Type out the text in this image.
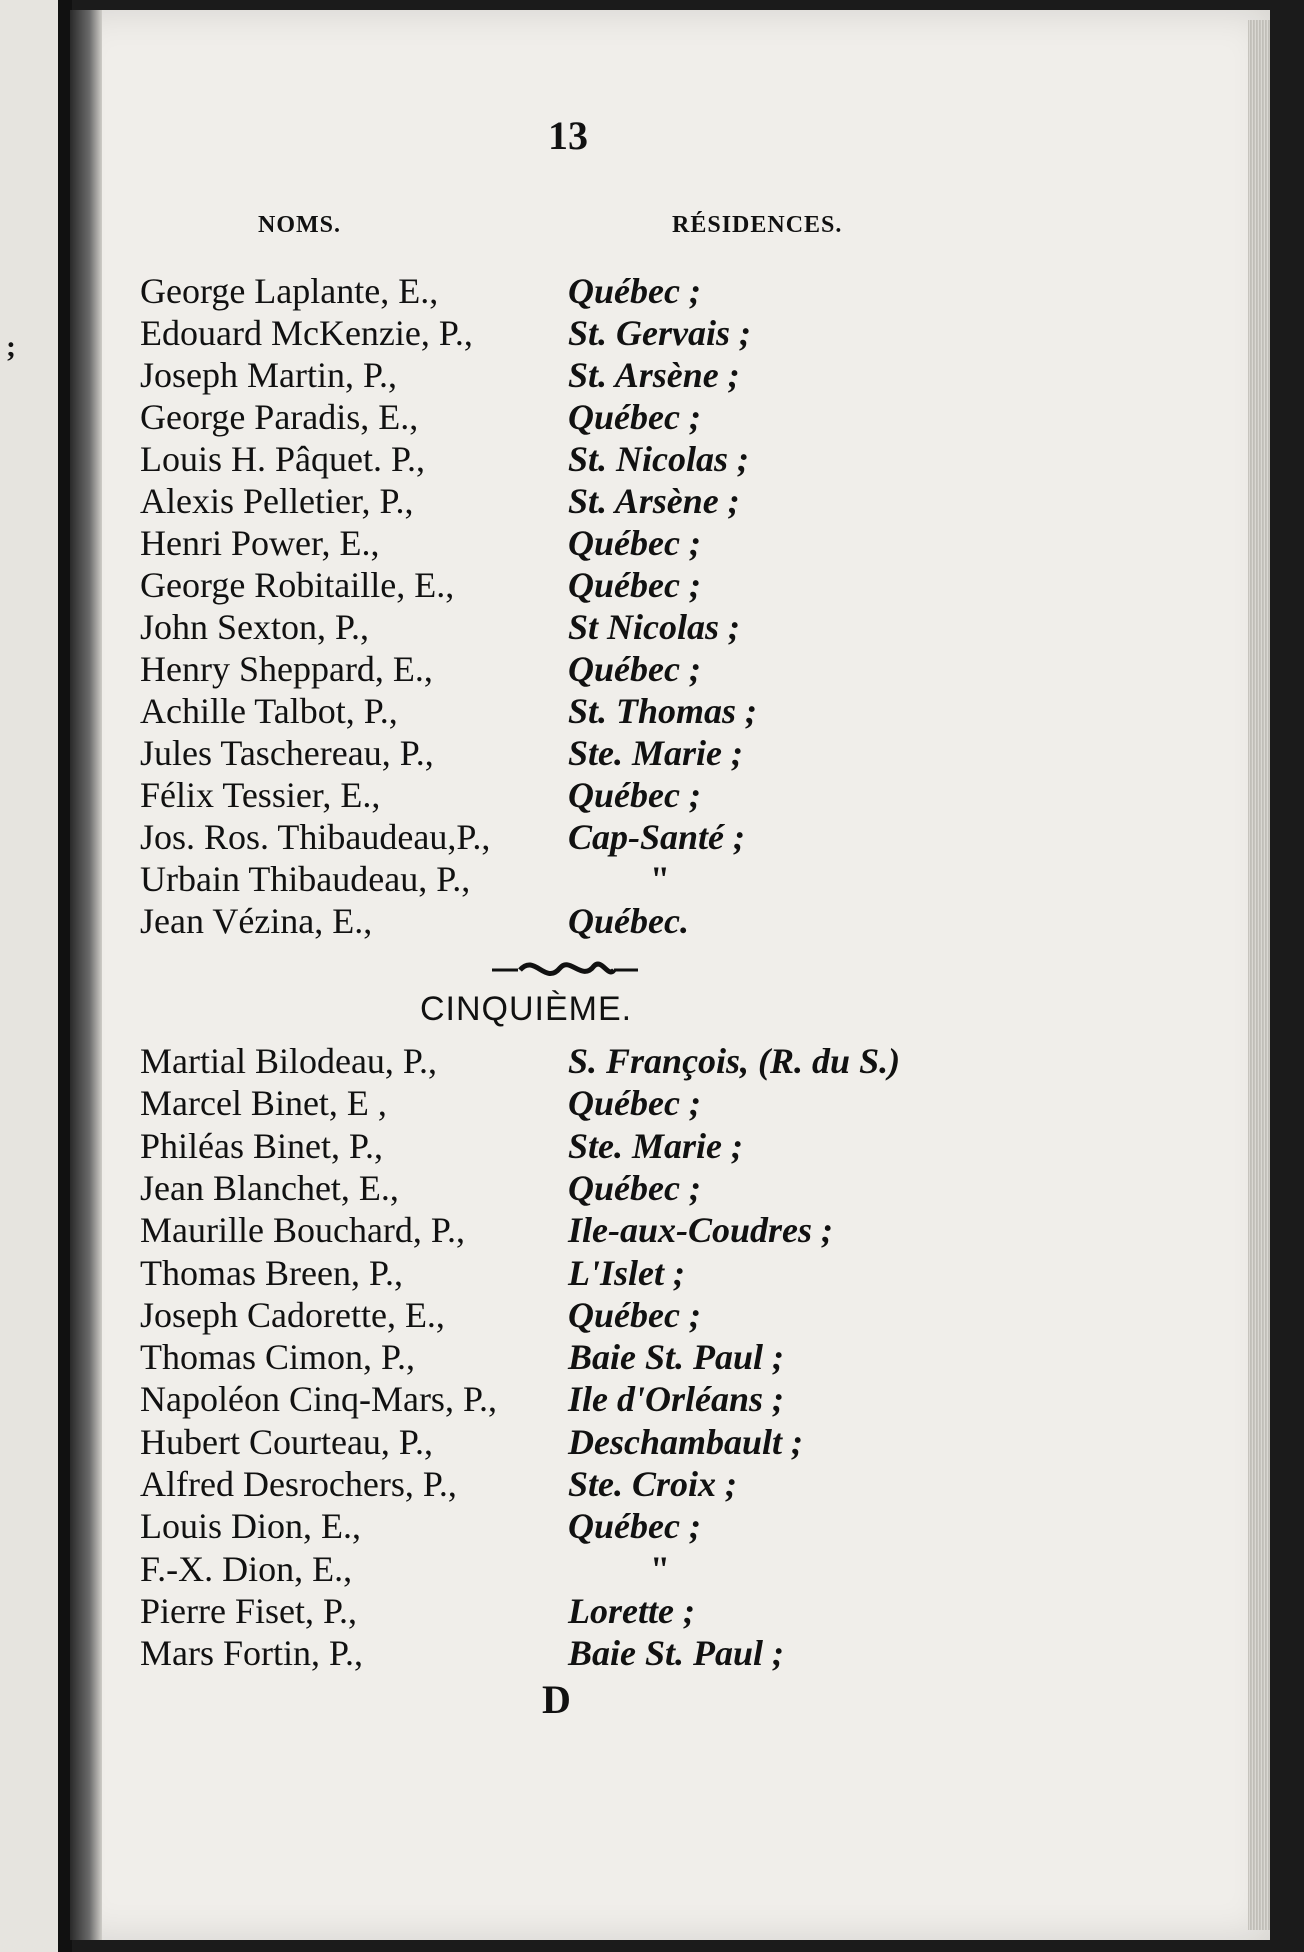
;
13
NOMS.	RÉSIDENCES.
George Laplante, E.,	Québec ;
Edouard McKenzie, P.,	St. Gervais ;
Joseph Martin, P.,	St. Arsène ;
George Paradis, E.,	Québec ;
Louis H. Pâquet. P.,	St. Nicolas ;
Alexis Pelletier, P.,	St. Arsène ;
Henri Power, E.,	Québec ;
George Robitaille, E.,	Québec ;
John Sexton, P.,	St Nicolas ;
Henry Sheppard, E.,	Québec ;
Achille Talbot, P.,	St. Thomas ;
Jules Taschereau, P.,	Ste. Marie ;
Félix Tessier, E.,	Québec ;
Jos. Ros. Thibaudeau,P., Cap-Santé ;
Urbain Thibaudeau, P.,	"
Jean Vézina, E.,	Québec.
CINQUIÈME.
Martial Bilodeau, P.,	S. François, (R. du S.)
Marcel Binet, E ,	Québec ;
Philéas Binet, P.,	Ste. Marie ;
Jean Blanchet, E.,	Québec ;
Maurille Bouchard, P.,	Ile-aux-Coudres ;
Thomas Breen, P.,	L'Islet ;
Joseph Cadorette, E.,	Québec ;
Thomas Cimon, P.,	Baie St. Paul ;
Napoléon Cinq-Mars, P., Ile d'Orléans ;
Hubert Courteau, P.,	Deschambault ;
Alfred Desrochers, P.,	Ste. Croix ;
Louis Dion, E.,	Québec ;
F.-X. Dion, E.,	"
Pierre Fiset, P.,	Lorette ;
Mars Fortin, P.,	Baie St. Paul ;
D
